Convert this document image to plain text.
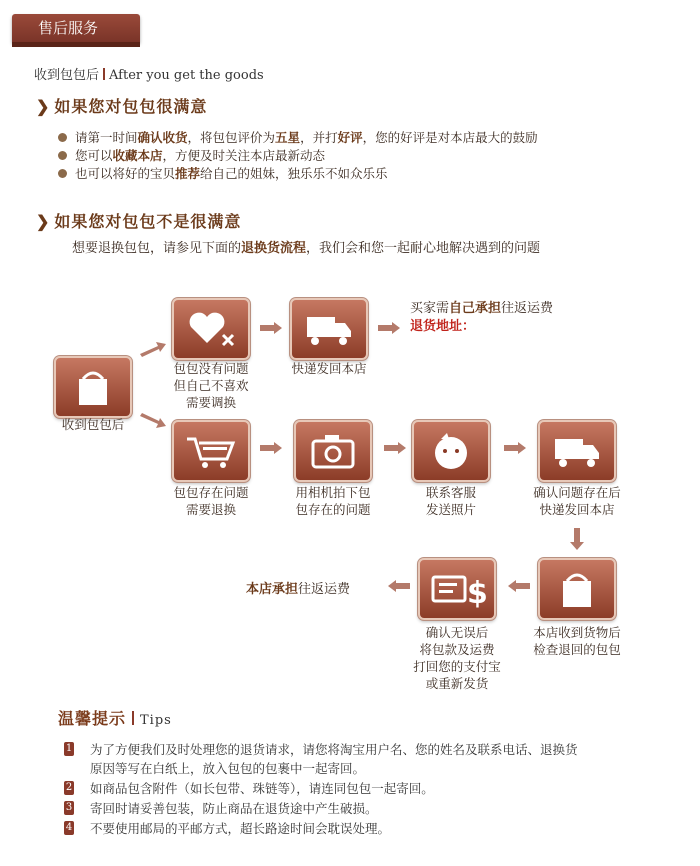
售后服务
收到包包后 After you get the goods
❯ 如果您对包包很满意
请第一时间确认收货，将包包评价为五星，并打好评，您的好评是对本店最大的鼓励
您可以收藏本店，方便及时关注本店最新动态
也可以将好的宝贝推荐给自己的姐妹，独乐乐不如众乐乐
❯ 如果您对包包不是很满意
想要退换包包，请参见下面的退换货流程，我们会和您一起耐心地解决遇到的问题
收到包包后
包包没有问题
但自己不喜欢
需要调换
快递发回本店
买家需自己承担往返运费
退货地址：
包包存在问题
需要退换
用相机拍下包
包存在的问题
联系客服
发送照片
确认问题存在后
快递发回本店
本店收到货物后
检查退回的包包
$
确认无误后
将包款及运费
打回您的支付宝
或重新发货
本店承担往返运费
温馨提示 Tips
1	为了方便我们及时处理您的退货请求，请您将淘宝用户名、您的姓名及联系电话、退换货
原因等写在白纸上，放入包包的包裹中一起寄回。
2	如商品包含附件（如长包带、珠链等），请连同包包一起寄回。
3	寄回时请妥善包装，防止商品在退货途中产生破损。
4	不要使用邮局的平邮方式，超长路途时间会耽误处理。
